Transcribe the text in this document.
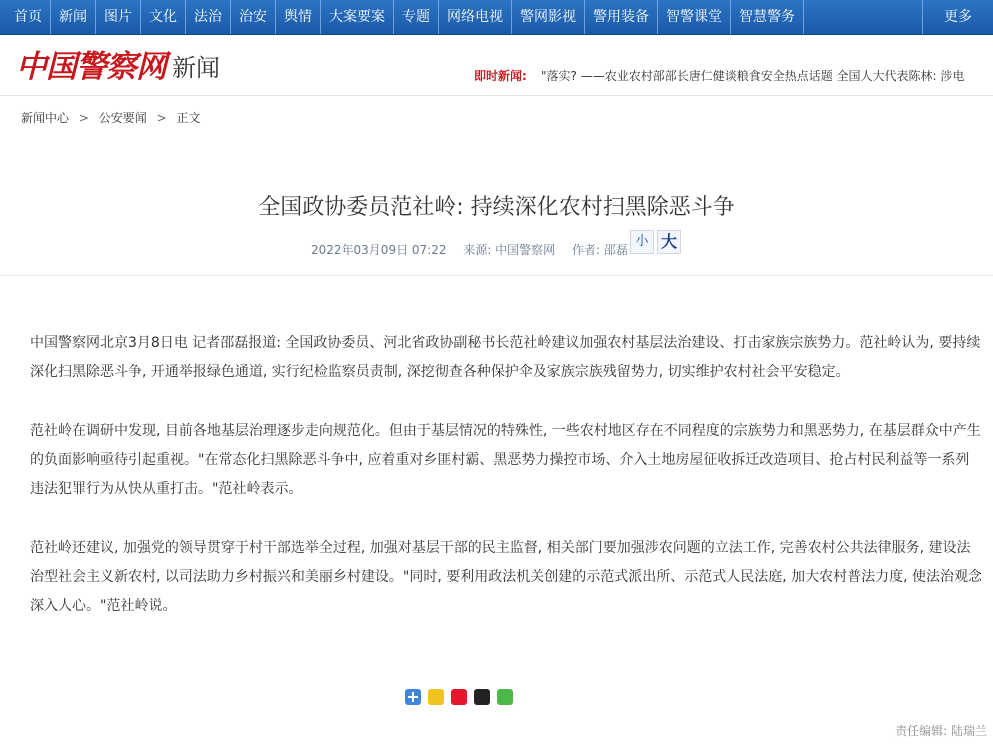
首页	新闻	图片	文化	法治	治安	舆情	大案要案	专题	网络电视	警网影视	警用装备	智警课堂	智慧警务	更多
中国警察网 新闻	即时新闻: "落实? ——农业农村部部长唐仁健谈粮食安全热点话题 全国人大代表陈林: 涉电
新闻中心 > 公安要闻 > 正文
全国政协委员范社岭: 持续深化农村扫黑除恶斗争
2022年03月09日 07:22 来源: 中国警察网 作者: 邵磊
小 大

中国警察网北京3月8日电 记者邵磊报道: 全国政协委员、河北省政协副秘书长范社岭建议加强农村基层法治建设、打击家族宗族势力。范社岭认为, 要持续深化扫黑除恶斗争, 开通举报绿色通道, 实行纪检监察员责制, 深挖彻查各种保护伞及家族宗族残留势力, 切实维护农村社会平安稳定。

范社岭在调研中发现, 目前各地基层治理逐步走向规范化。但由于基层情况的特殊性, 一些农村地区存在不同程度的宗族势力和黑恶势力, 在基层群众中产生的负面影响亟待引起重视。"在常态化扫黑除恶斗争中, 应着重对乡匪村霸、黑恶势力操控市场、介入土地房屋征收拆迁改造项目、抢占村民利益等一系列违法犯罪行为从快从重打击。"范社岭表示。

范社岭还建议, 加强党的领导贯穿于村干部选举全过程, 加强对基层干部的民主监督, 相关部门要加强涉农问题的立法工作, 完善农村公共法律服务, 建设法治型社会主义新农村, 以司法助力乡村振兴和美丽乡村建设。"同时, 要利用政法机关创建的示范式派出所、示范式人民法庭, 加大农村普法力度, 使法治观念深入人心。"范社岭说。

责任编辑: 陆瑞兰
